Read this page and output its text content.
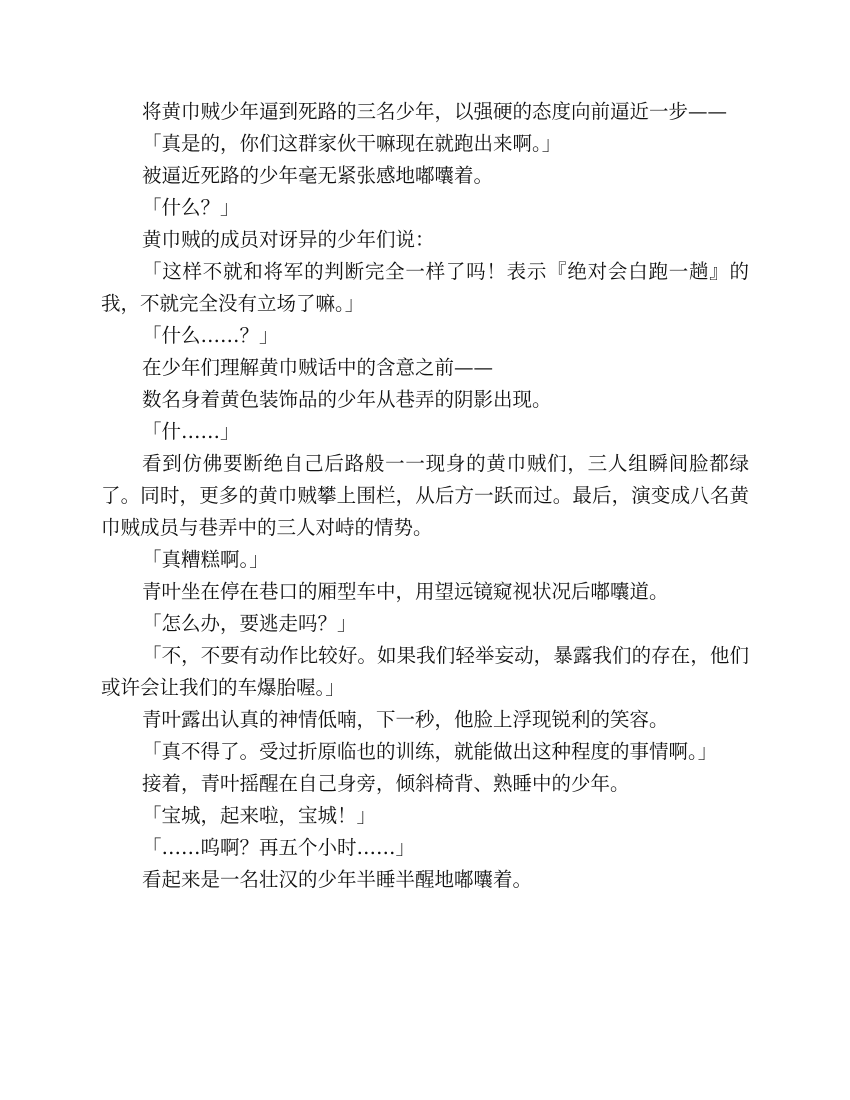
将黄巾贼少年逼到死路的三名少年，以强硬的态度向前逼近一步——

「真是的，你们这群家伙干嘛现在就跑出来啊。」

被逼近死路的少年毫无紧张感地嘟囔着。

「什么？」

黄巾贼的成员对讶异的少年们说：

「这样不就和将军的判断完全一样了吗！表示『绝对会白跑一趟』的我，不就完全没有立场了嘛。」

「什么……？」

在少年们理解黄巾贼话中的含意之前——

数名身着黄色装饰品的少年从巷弄的阴影出现。

「什……」

看到仿佛要断绝自己后路般一一现身的黄巾贼们，三人组瞬间脸都绿了。同时，更多的黄巾贼攀上围栏，从后方一跃而过。最后，演变成八名黄巾贼成员与巷弄中的三人对峙的情势。

「真糟糕啊。」

青叶坐在停在巷口的厢型车中，用望远镜窥视状况后嘟囔道。

「怎么办，要逃走吗？」

「不，不要有动作比较好。如果我们轻举妄动，暴露我们的存在，他们或许会让我们的车爆胎喔。」

青叶露出认真的神情低喃，下一秒，他脸上浮现锐利的笑容。

「真不得了。受过折原临也的训练，就能做出这种程度的事情啊。」

接着，青叶摇醒在自己身旁，倾斜椅背、熟睡中的少年。

「宝城，起来啦，宝城！」

「……呜啊？再五个小时……」

看起来是一名壮汉的少年半睡半醒地嘟囔着。
